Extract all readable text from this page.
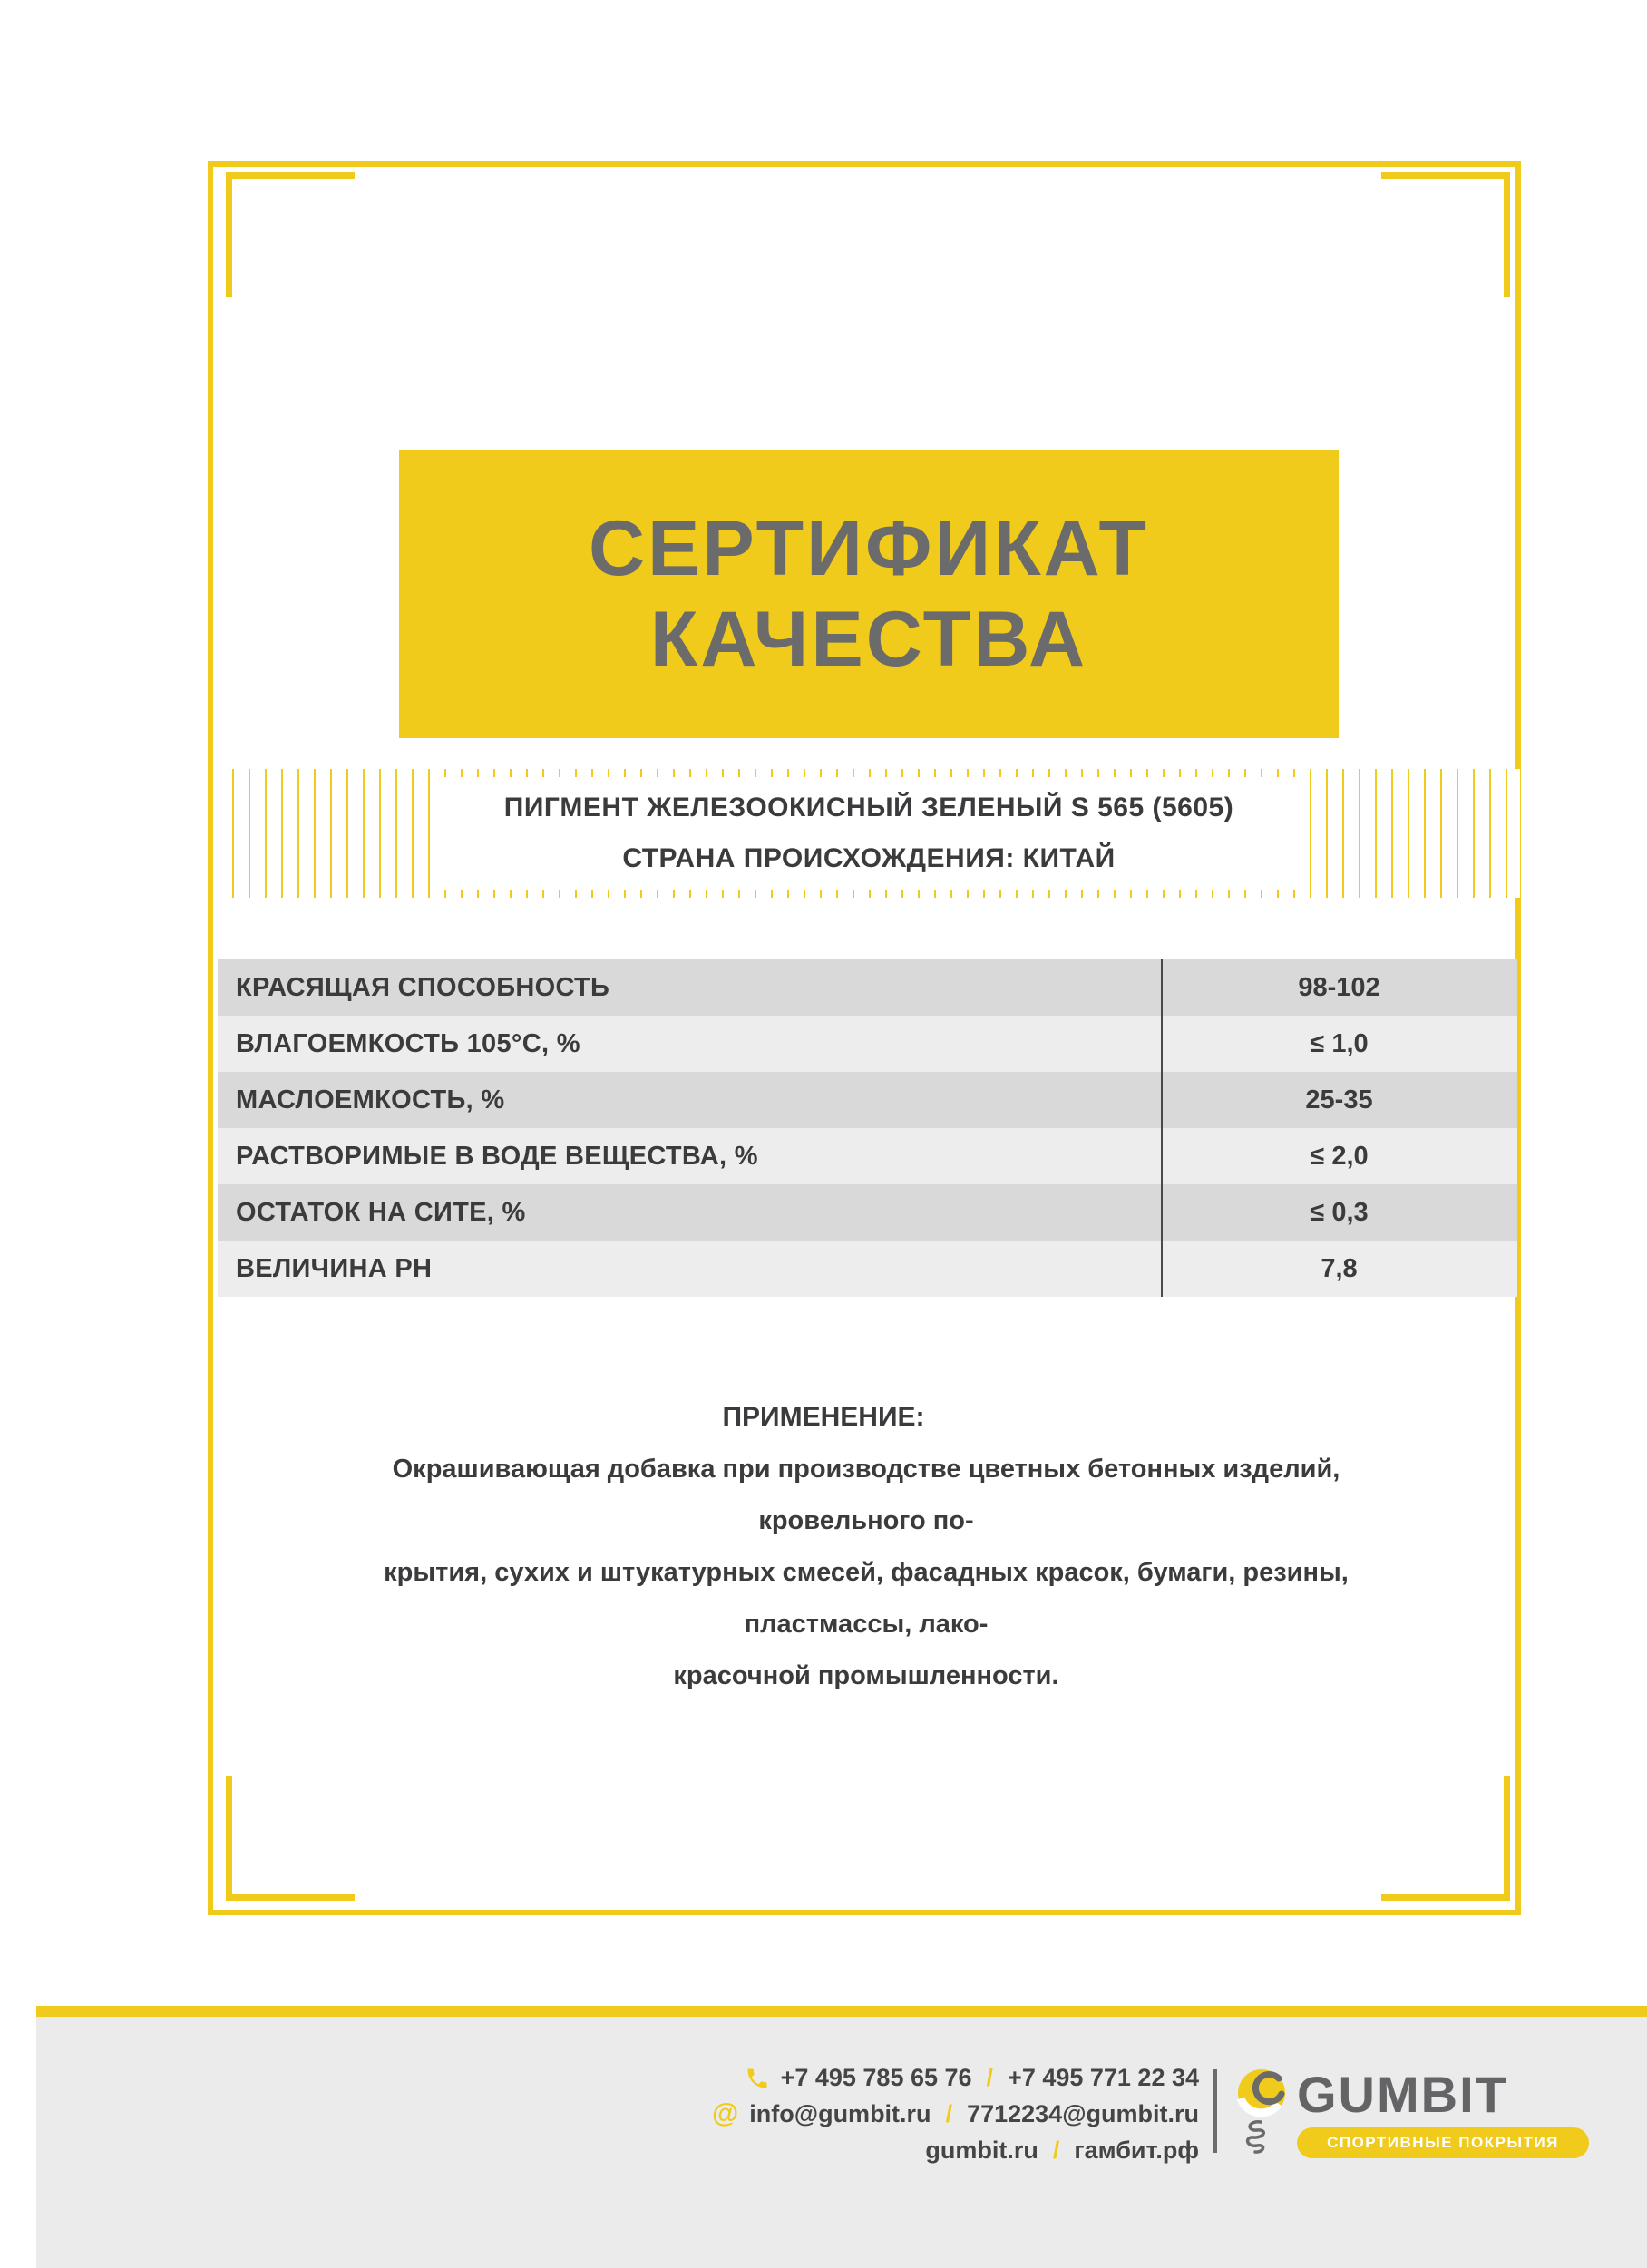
СЕРТИФИКАТ
КАЧЕСТВА
ПИГМЕНТ ЖЕЛЕЗООКИСНЫЙ ЗЕЛЕНЫЙ S 565 (5605)
СТРАНА ПРОИСХОЖДЕНИЯ: КИТАЙ
КРАСЯЩАЯ СПОСОБНОСТЬ	98-102
ВЛАГОЕМКОСТЬ 105°С, %	≤ 1,0
МАСЛОЕМКОСТЬ, %	25-35
РАСТВОРИМЫЕ В ВОДЕ ВЕЩЕСТВА, %	≤ 2,0
ОСТАТОК НА СИТЕ, %	≤ 0,3
ВЕЛИЧИНА PH	7,8
ПРИМЕНЕНИЕ:
Окрашивающая добавка при производстве цветных бетонных изделий, кровельного по-
крытия, сухих и штукатурных смесей, фасадных красок, бумаги, резины, пластмассы, лако-
красочной промышленности.
+7 495 785 65 76 / +7 495 771 22 34
@ info@gumbit.ru / 7712234@gumbit.ru
gumbit.ru / гамбит.рф
GUMBIT
СПОРТИВНЫЕ ПОКРЫТИЯ
